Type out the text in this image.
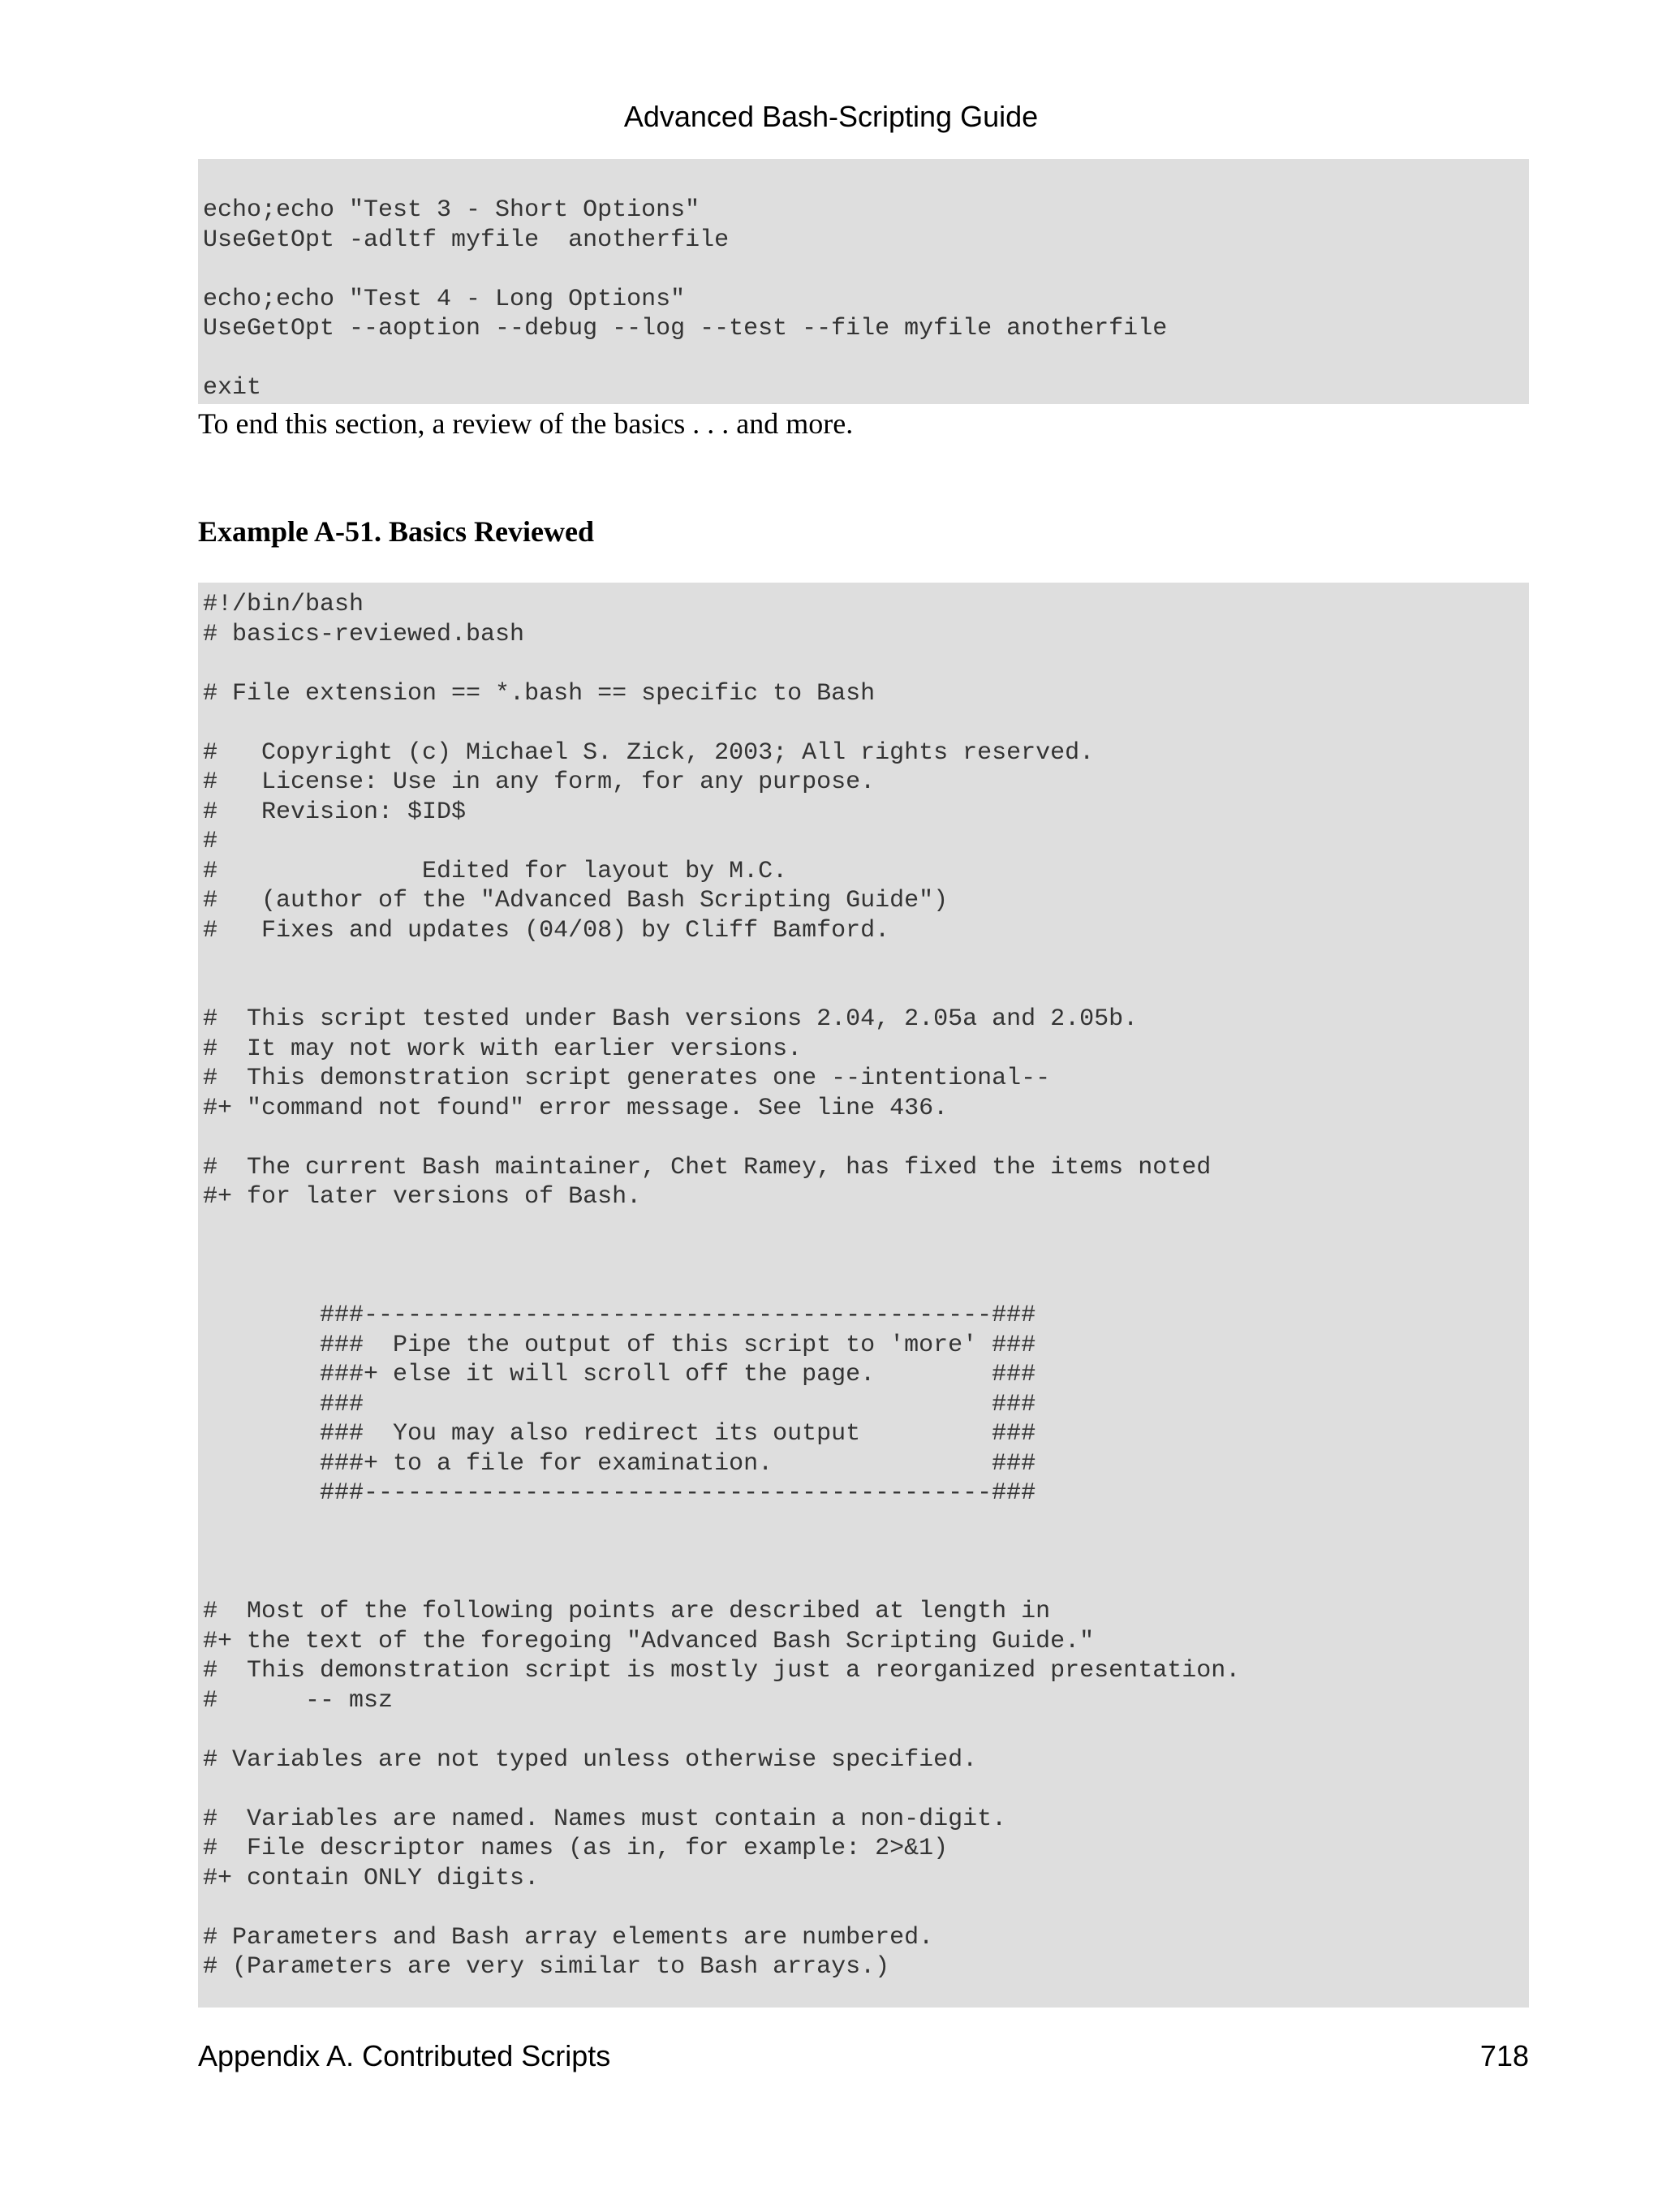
Advanced Bash-Scripting Guide
echo;echo "Test 3 - Short Options"
UseGetOpt -adltf myfile  anotherfile

echo;echo "Test 4 - Long Options"
UseGetOpt --aoption --debug --log --test --file myfile anotherfile

exit

To end this section, a review of the basics . . . and more.

Example A-51. Basics Reviewed

#!/bin/bash
# basics-reviewed.bash

# File extension == *.bash == specific to Bash

#   Copyright (c) Michael S. Zick, 2003; All rights reserved.
#   License: Use in any form, for any purpose.
#   Revision: $ID$
#
#              Edited for layout by M.C.
#   (author of the "Advanced Bash Scripting Guide")
#   Fixes and updates (04/08) by Cliff Bamford.

#  This script tested under Bash versions 2.04, 2.05a and 2.05b.
#  It may not work with earlier versions.
#  This demonstration script generates one --intentional--
#+ "command not found" error message. See line 436.

#  The current Bash maintainer, Chet Ramey, has fixed the items noted
#+ for later versions of Bash.

###-------------------------------------------###
###  Pipe the output of this script to 'more' ###
###+ else it will scroll off the page.        ###
###                                           ###
###  You may also redirect its output         ###
###+ to a file for examination.               ###
###-------------------------------------------###

#  Most of the following points are described at length in
#+ the text of the foregoing "Advanced Bash Scripting Guide."
#  This demonstration script is mostly just a reorganized presentation.
#      -- msz

# Variables are not typed unless otherwise specified.

#  Variables are named. Names must contain a non-digit.
#  File descriptor names (as in, for example: 2>&1)
#+ contain ONLY digits.

# Parameters and Bash array elements are numbered.
# (Parameters are very similar to Bash arrays.)
Appendix A. Contributed Scripts	718
